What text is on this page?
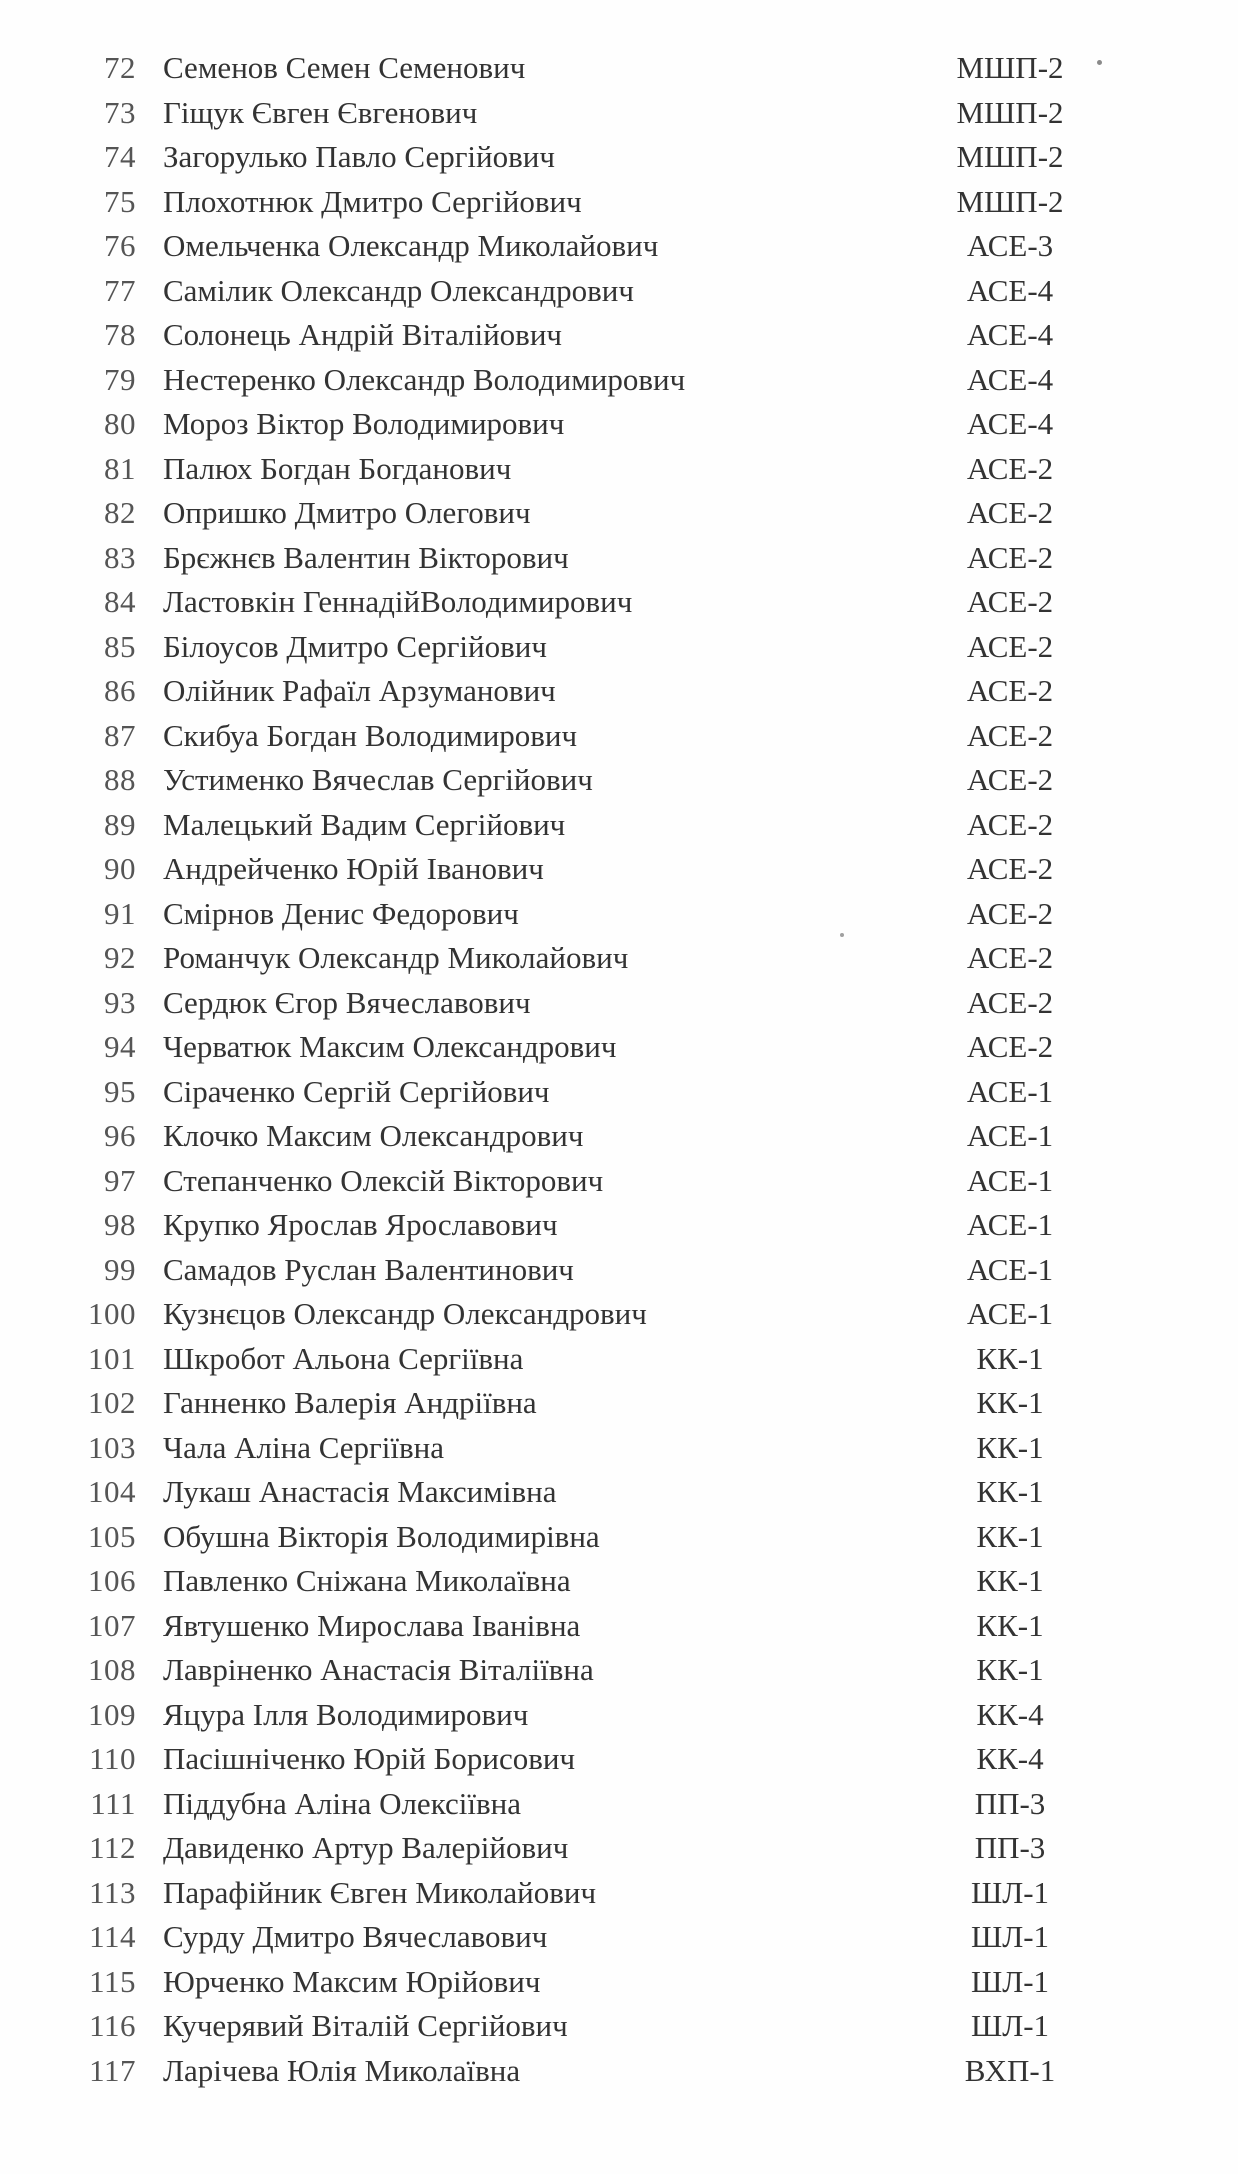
72 Семенов Семен Семенович	МШП-2
73 Гіщук Євген Євгенович	МШП-2
74 Загорулько Павло Сергійович	МШП-2
75 Плохотнюк Дмитро Сергійович	МШП-2
76 Омельченка Олександр Миколайович	АСЕ-3
77 Самілик Олександр Олександрович	АСЕ-4
78 Солонець Андрій Віталійович	АСЕ-4
79 Нестеренко Олександр Володимирович	АСЕ-4
80 Мороз Віктор Володимирович	АСЕ-4
81 Палюх Богдан Богданович	АСЕ-2
82 Опришко Дмитро Олегович	АСЕ-2
83 Брєжнєв Валентин Вікторович	АСЕ-2
84 Ластовкін ГеннадійВолодимирович	АСЕ-2
85 Білоусов Дмитро Сергійович	АСЕ-2
86 Олійник Рафаїл Арзуманович	АСЕ-2
87 Скибуа Богдан Володимирович	АСЕ-2
88 Устименко Вячеслав Сергійович	АСЕ-2
89 Малецький Вадим Сергійович	АСЕ-2
90 Андрейченко Юрій Іванович	АСЕ-2
91 Смірнов Денис Федорович	АСЕ-2
92 Романчук Олександр Миколайович	АСЕ-2
93 Сердюк Єгор Вячеславович	АСЕ-2
94 Черватюк Максим Олександрович	АСЕ-2
95 Сіраченко Сергій Сергійович	АСЕ-1
96 Клочко Максим Олександрович	АСЕ-1
97 Степанченко Олексій Вікторович	АСЕ-1
98 Крупко Ярослав Ярославович	АСЕ-1
99 Самадов Руслан Валентинович	АСЕ-1
100 Кузнєцов Олександр Олександрович	АСЕ-1
101 Шкробот Альона Сергіївна	КК-1
102 Ганненко Валерія Андріївна	КК-1
103 Чала Аліна Сергіївна	КК-1
104 Лукаш Анастасія Максимівна	КК-1
105 Обушна Вікторія Володимирівна	КК-1
106 Павленко Сніжана Миколаївна	КК-1
107 Явтушенко Мирослава Іванівна	КК-1
108 Лавріненко Анастасія Віталіївна	КК-1
109 Яцура Ілля Володимирович	КК-4
110 Пасішніченко Юрій Борисович	КК-4
111 Піддубна Аліна Олексіївна	ПП-3
112 Давиденко Артур Валерійович	ПП-3
113 Парафійник Євген Миколайович	ШЛ-1
114 Сурду Дмитро Вячеславович	ШЛ-1
115 Юрченко Максим Юрійович	ШЛ-1
116 Кучерявий Віталій Сергійович	ШЛ-1
117 Ларічева Юлія Миколаївна	ВХП-1
